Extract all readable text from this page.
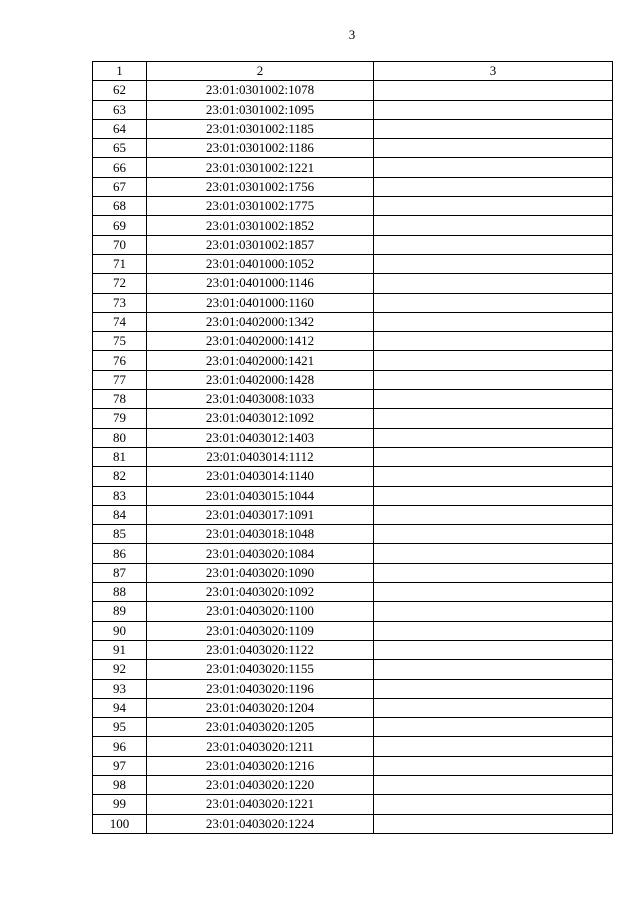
3
1	2	3
62	23:01:0301002:1078	
63	23:01:0301002:1095	
64	23:01:0301002:1185	
65	23:01:0301002:1186	
66	23:01:0301002:1221	
67	23:01:0301002:1756	
68	23:01:0301002:1775	
69	23:01:0301002:1852	
70	23:01:0301002:1857	
71	23:01:0401000:1052	
72	23:01:0401000:1146	
73	23:01:0401000:1160	
74	23:01:0402000:1342	
75	23:01:0402000:1412	
76	23:01:0402000:1421	
77	23:01:0402000:1428	
78	23:01:0403008:1033	
79	23:01:0403012:1092	
80	23:01:0403012:1403	
81	23:01:0403014:1112	
82	23:01:0403014:1140	
83	23:01:0403015:1044	
84	23:01:0403017:1091	
85	23:01:0403018:1048	
86	23:01:0403020:1084	
87	23:01:0403020:1090	
88	23:01:0403020:1092	
89	23:01:0403020:1100	
90	23:01:0403020:1109	
91	23:01:0403020:1122	
92	23:01:0403020:1155	
93	23:01:0403020:1196	
94	23:01:0403020:1204	
95	23:01:0403020:1205	
96	23:01:0403020:1211	
97	23:01:0403020:1216	
98	23:01:0403020:1220	
99	23:01:0403020:1221	
100	23:01:0403020:1224	
